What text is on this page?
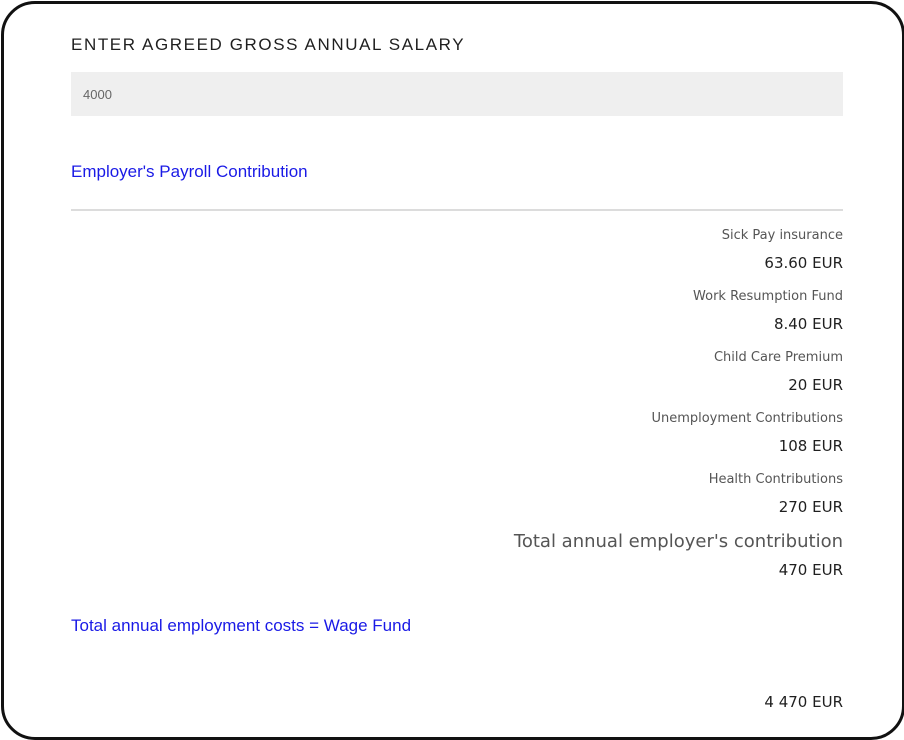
ENTER AGREED GROSS ANNUAL SALARY
4000
Employer's Payroll Contribution
Sick Pay insurance
63.60 EUR
Work Resumption Fund
8.40 EUR
Child Care Premium
20 EUR
Unemployment Contributions
108 EUR
Health Contributions
270 EUR
Total annual employer's contribution
470 EUR
Total annual employment costs = Wage Fund
4 470 EUR
